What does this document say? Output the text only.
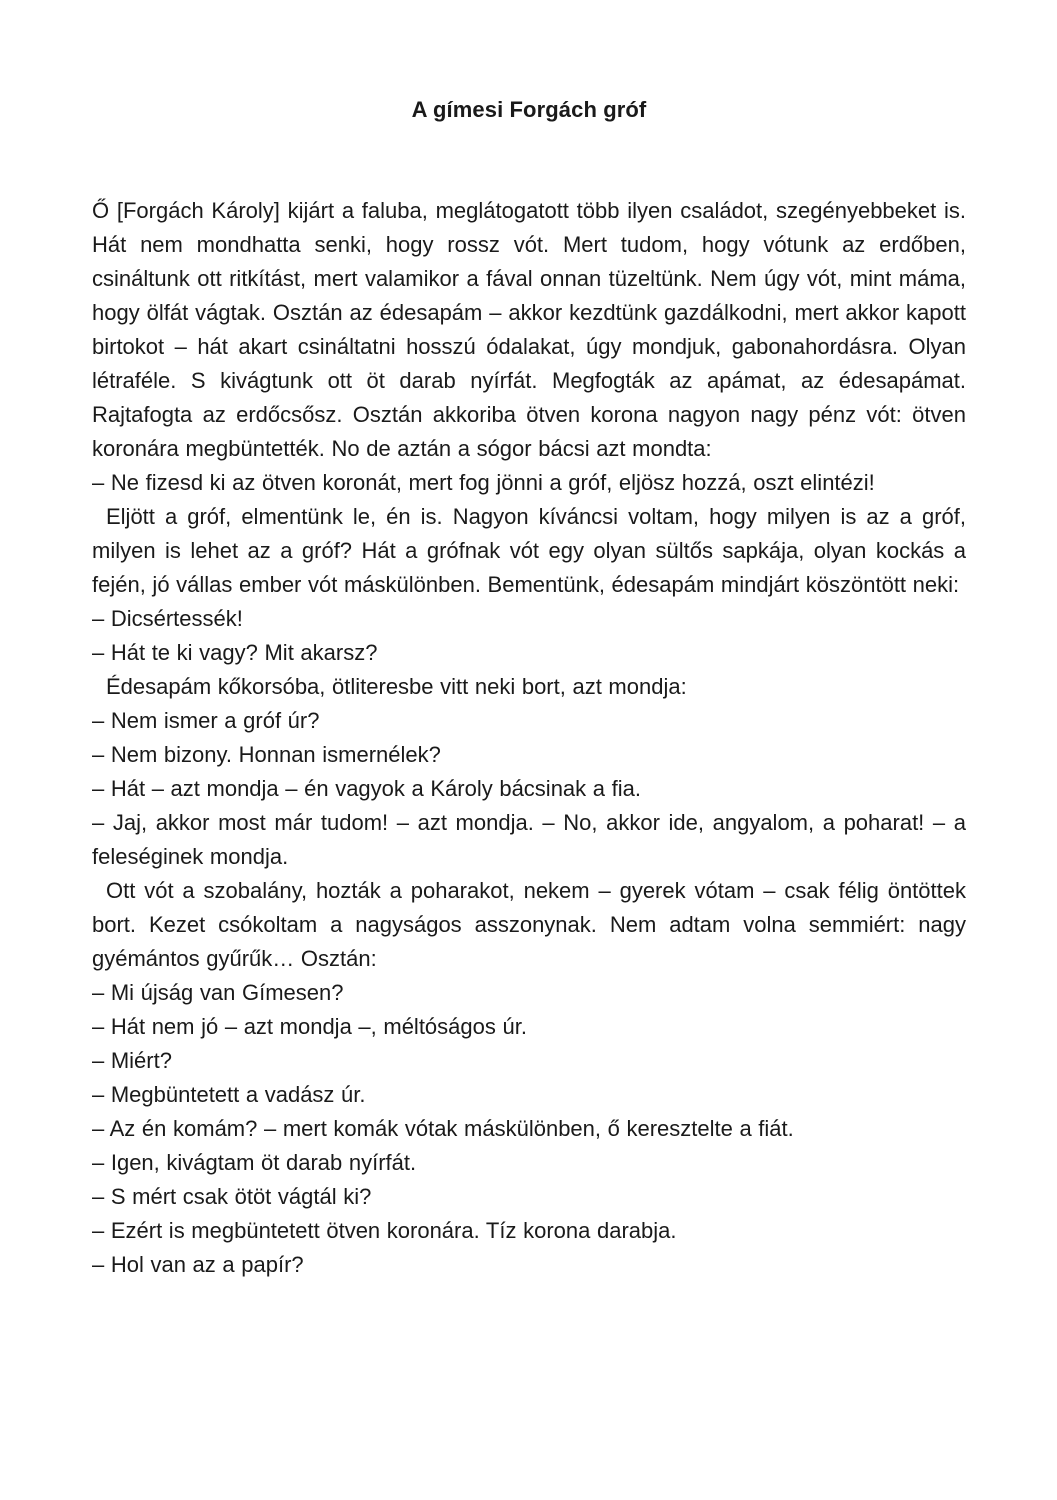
A gímesi Forgách gróf

Ő [Forgách Károly] kijárt a faluba, meglátogatott több ilyen családot, szegényebbeket is. Hát nem mondhatta senki, hogy rossz vót. Mert tudom, hogy vótunk az erdőben, csináltunk ott ritkítást, mert valamikor a fával onnan tüzeltünk. Nem úgy vót, mint máma, hogy ölfát vágtak. Osztán az édesapám – akkor kezdtünk gazdálkodni, mert akkor kapott birtokot – hát akart csináltatni hosszú ódalakat, úgy mondjuk, gabonahordásra. Olyan létraféle. S kivágtunk ott öt darab nyírfát. Megfogták az apámat, az édesapámat. Rajtafogta az erdőcsősz. Osztán akkoriba ötven korona nagyon nagy pénz vót: ötven koronára megbüntették. No de aztán a sógor bácsi azt mondta:

– Ne fizesd ki az ötven koronát, mert fog jönni a gróf, eljösz hozzá, oszt elintézi!

Eljött a gróf, elmentünk le, én is. Nagyon kíváncsi voltam, hogy milyen is az a gróf, milyen is lehet az a gróf? Hát a grófnak vót egy olyan sültős sapkája, olyan kockás a fején, jó vállas ember vót máskülönben. Bementünk, édesapám mindjárt köszöntött neki:

– Dicsértessék!

– Hát te ki vagy? Mit akarsz?

Édesapám kőkorsóba, ötliteresbe vitt neki bort, azt mondja:

– Nem ismer a gróf úr?

– Nem bizony. Honnan ismernélek?

– Hát – azt mondja – én vagyok a Károly bácsinak a fia.

– Jaj, akkor most már tudom! – azt mondja. – No, akkor ide, angyalom, a poharat! – a feleséginek mondja.

Ott vót a szobalány, hozták a poharakot, nekem – gyerek vótam – csak félig öntöttek bort. Kezet csókoltam a nagyságos asszonynak. Nem adtam volna semmiért: nagy gyémántos gyűrűk… Osztán:

– Mi újság van Gímesen?

– Hát nem jó – azt mondja –, méltóságos úr.

– Miért?

– Megbüntetett a vadász úr.

– Az én komám? – mert komák vótak máskülönben, ő keresztelte a fiát.

– Igen, kivágtam öt darab nyírfát.

– S mért csak ötöt vágtál ki?

– Ezért is megbüntetett ötven koronára. Tíz korona darabja.

– Hol van az a papír?
